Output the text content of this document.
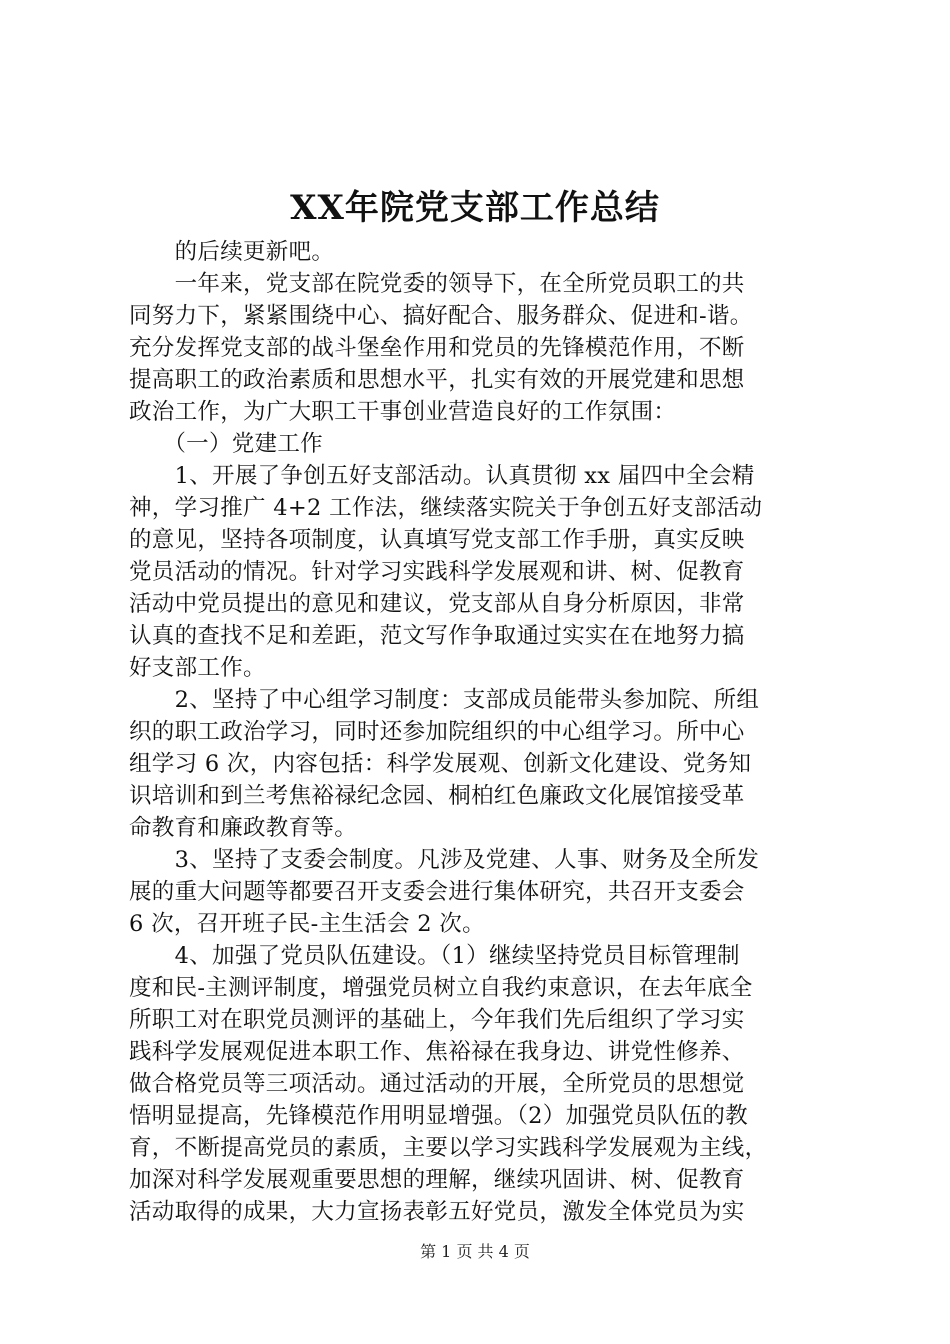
XX年院党支部工作总结
　　的后续更新吧。
　　一年来，党支部在院党委的领导下，在全所党员职工的共
同努力下，紧紧围绕中心、搞好配合、服务群众、促进和-谐。
充分发挥党支部的战斗堡垒作用和党员的先锋模范作用，不断
提高职工的政治素质和思想水平，扎实有效的开展党建和思想
政治工作，为广大职工干事创业营造良好的工作氛围：
　　（一）党建工作
　　1、开展了争创五好支部活动。认真贯彻 xx 届四中全会精
神，学习推广 4+2 工作法，继续落实院关于争创五好支部活动
的意见，坚持各项制度，认真填写党支部工作手册，真实反映
党员活动的情况。针对学习实践科学发展观和讲、树、促教育
活动中党员提出的意见和建议，党支部从自身分析原因，非常
认真的查找不足和差距，范文写作争取通过实实在在地努力搞
好支部工作。
　　2、坚持了中心组学习制度：支部成员能带头参加院、所组
织的职工政治学习，同时还参加院组织的中心组学习。所中心
组学习 6 次，内容包括：科学发展观、创新文化建设、党务知
识培训和到兰考焦裕禄纪念园、桐柏红色廉政文化展馆接受革
命教育和廉政教育等。
　　3、坚持了支委会制度。凡涉及党建、人事、财务及全所发
展的重大问题等都要召开支委会进行集体研究，共召开支委会
6 次，召开班子民-主生活会 2 次。
　　4、加强了党员队伍建设。（1）继续坚持党员目标管理制
度和民-主测评制度，增强党员树立自我约束意识，在去年底全
所职工对在职党员测评的基础上，今年我们先后组织了学习实
践科学发展观促进本职工作、焦裕禄在我身边、讲党性修养、
做合格党员等三项活动。通过活动的开展，全所党员的思想觉
悟明显提高，先锋模范作用明显增强。（2）加强党员队伍的教
育，不断提高党员的素质，主要以学习实践科学发展观为主线，
加深对科学发展观重要思想的理解，继续巩固讲、树、促教育
活动取得的成果，大力宣扬表彰五好党员，激发全体党员为实
第 1 页 共 4 页
